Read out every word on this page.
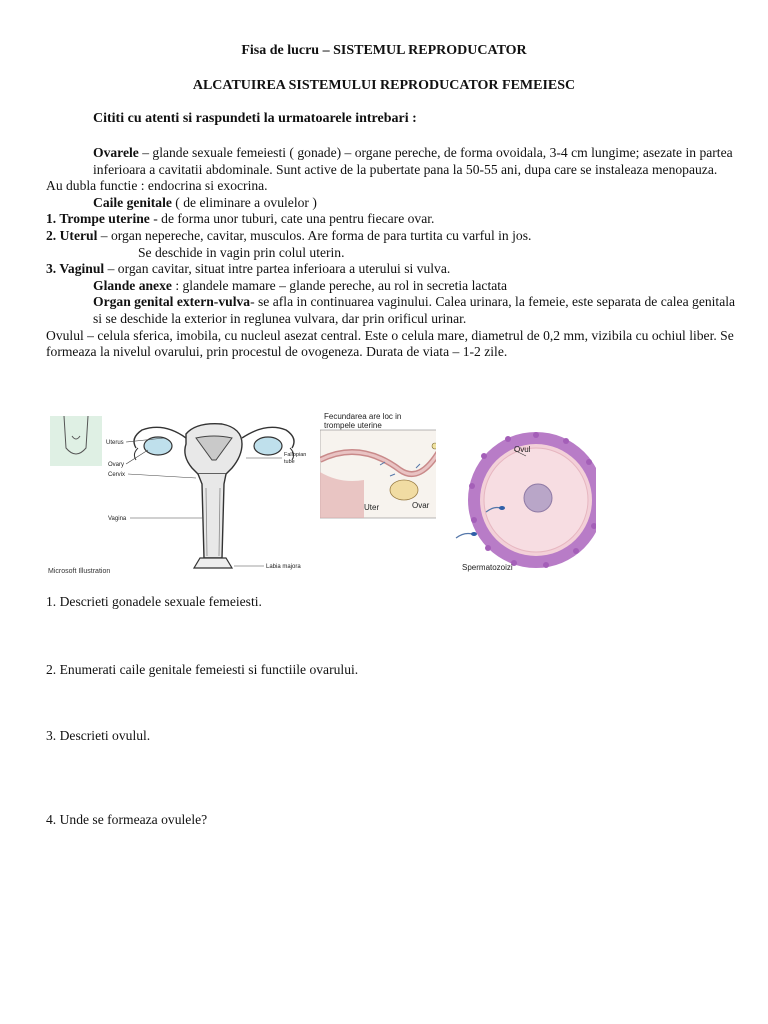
Fisa de lucru – SISTEMUL REPRODUCATOR
ALCATUIREA SISTEMULUI REPRODUCATOR FEMEIESC
Cititi cu atenti si raspundeti la urmatoarele intrebari :

Ovarele – glande sexuale femeiesti ( gonade) – organe pereche, de forma ovoidala, 3-4 cm lungime; asezate in partea inferioara a cavitatii abdominale. Sunt active de la pubertate pana la 50-55 ani, dupa care se instaleaza menopauza.

Au dubla functie : endocrina si exocrina.

Caile genitale ( de eliminare a ovulelor )

1. Trompe uterine - de forma unor tuburi, cate una pentru fiecare ovar.

2. Uterul – organ nepereche, cavitar, musculos. Are forma de para turtita cu varful in jos.

Se deschide in vagin prin colul uterin.

3. Vaginul – organ cavitar, situat intre partea inferioara a uterului si vulva.

Glande anexe : glandele mamare – glande pereche, au rol in secretia lactata

Organ genital extern-vulva- se afla in continuarea vaginului. Calea urinara, la femeie, este separata de calea genitala si se deschide la exterior in reglunea vulvara, dar prin orificul urinar.

Ovulul – celula sferica, imobila, cu nucleul asezat central. Este o celula mare, diametrul de 0,2 mm, vizibila cu ochiul liber. Se formeaza la nivelul ovarului, prin procestul de ovogeneza. Durata de viata – 1-2 zile.

Uterus
Ovary
Cervix
Vagina
Fallopian
tube
Labia majora
Microsoft Illustration
Fecundarea are loc in
trompele uterine
Uter	Ovar
Ovul
Spermatozoizi
1. Descrieti gonadele sexuale femeiesti.
2. Enumerati caile genitale femeiesti si functiile ovarului.
3. Descrieti ovulul.
4. Unde se formeaza ovulele?
